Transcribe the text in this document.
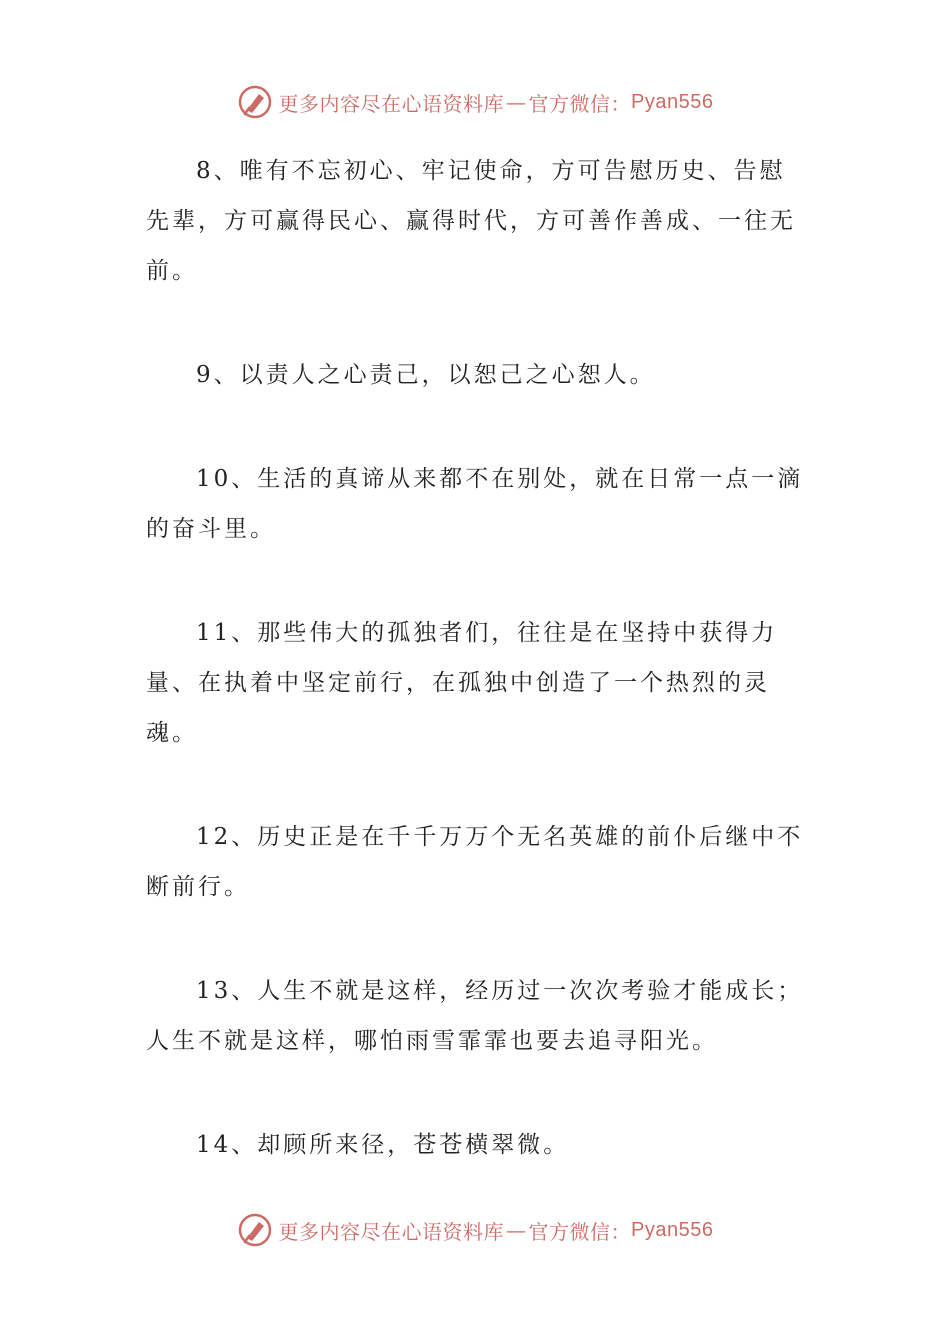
更多内容尽在心语资料库 — 官方微信： Pyan556

8、唯有不忘初心、牢记使命，方可告慰历史、告慰先辈，方可赢得民心、赢得时代，方可善作善成、一往无前。

9、以责人之心责己，以恕己之心恕人。

10、生活的真谛从来都不在别处，就在日常一点一滴的奋斗里。

11、那些伟大的孤独者们，往往是在坚持中获得力量、在执着中坚定前行，在孤独中创造了一个热烈的灵魂。

12、历史正是在千千万万个无名英雄的前仆后继中不断前行。

13、人生不就是这样，经历过一次次考验才能成长；人生不就是这样，哪怕雨雪霏霏也要去追寻阳光。

14、却顾所来径，苍苍横翠微。

更多内容尽在心语资料库 — 官方微信： Pyan556
